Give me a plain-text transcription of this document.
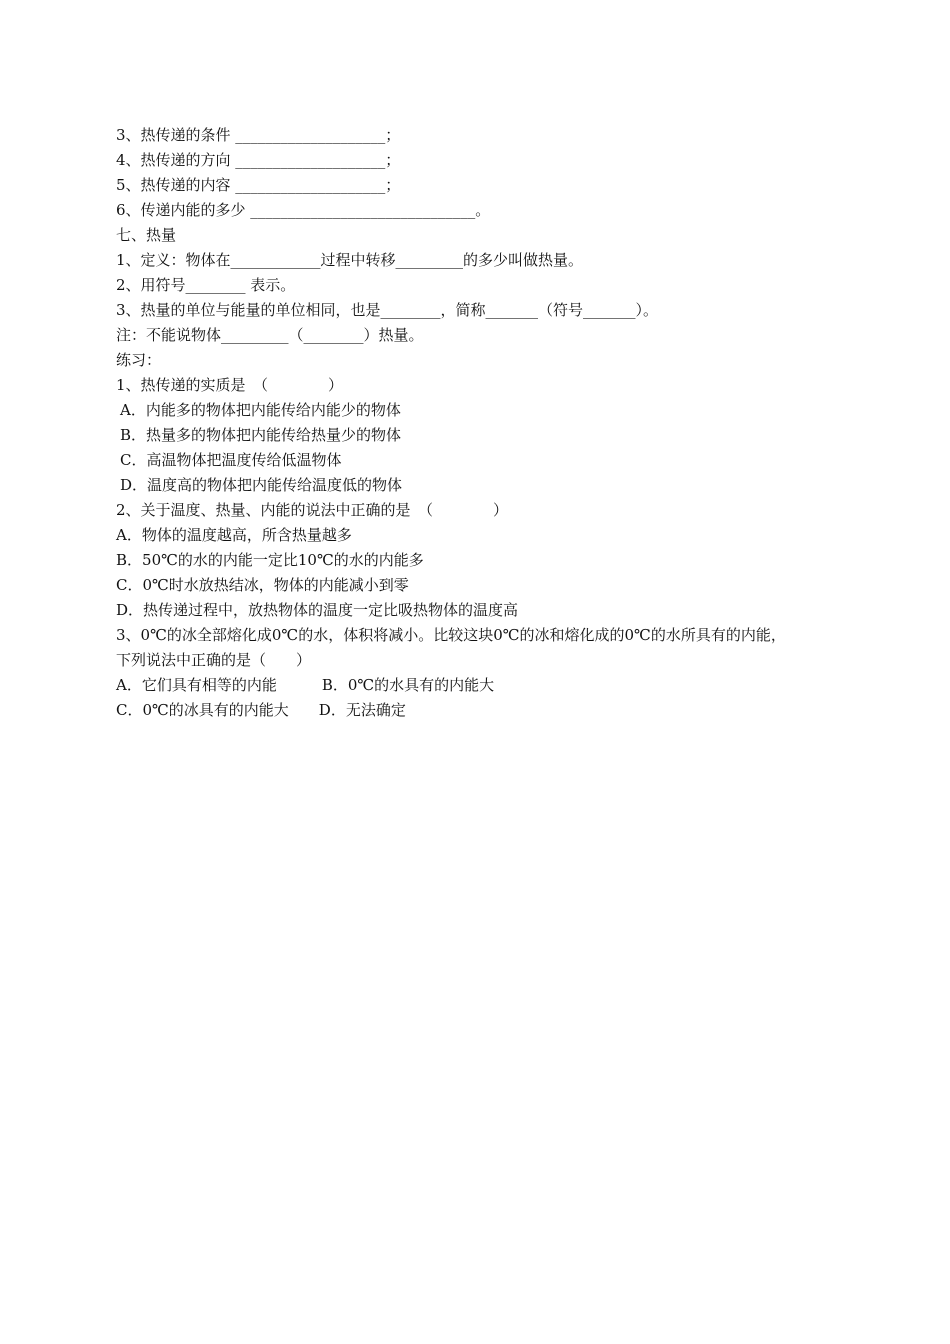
3、热传递的条件 ____________________；
4、热传递的方向 ____________________；
5、热传递的内容 ____________________；
6、传递内能的多少 ______________________________。
七、热量
1、定义：物体在____________过程中转移_________的多少叫做热量。
2、用符号________ 表示。
3、热量的单位与能量的单位相同，也是________，简称_______（符号_______）。
注：不能说物体_________（________）热量。
练习：
1、热传递的实质是　（　　　　）
A．内能多的物体把内能传给内能少的物体
B．热量多的物体把内能传给热量少的物体
C．高温物体把温度传给低温物体
D．温度高的物体把内能传给温度低的物体
2、关于温度、热量、内能的说法中正确的是　（　　　　）
A．物体的温度越高，所含热量越多
B．50℃的水的内能一定比10℃的水的内能多
C．0℃时水放热结冰，物体的内能减小到零
D．热传递过程中，放热物体的温度一定比吸热物体的温度高
3、0℃的冰全部熔化成0℃的水，体积将减小。比较这块0℃的冰和熔化成的0℃的水所具有的内能，
下列说法中正确的是（　　）
A．它们具有相等的内能　　　B．0℃的水具有的内能大
C．0℃的冰具有的内能大　　D．无法确定
